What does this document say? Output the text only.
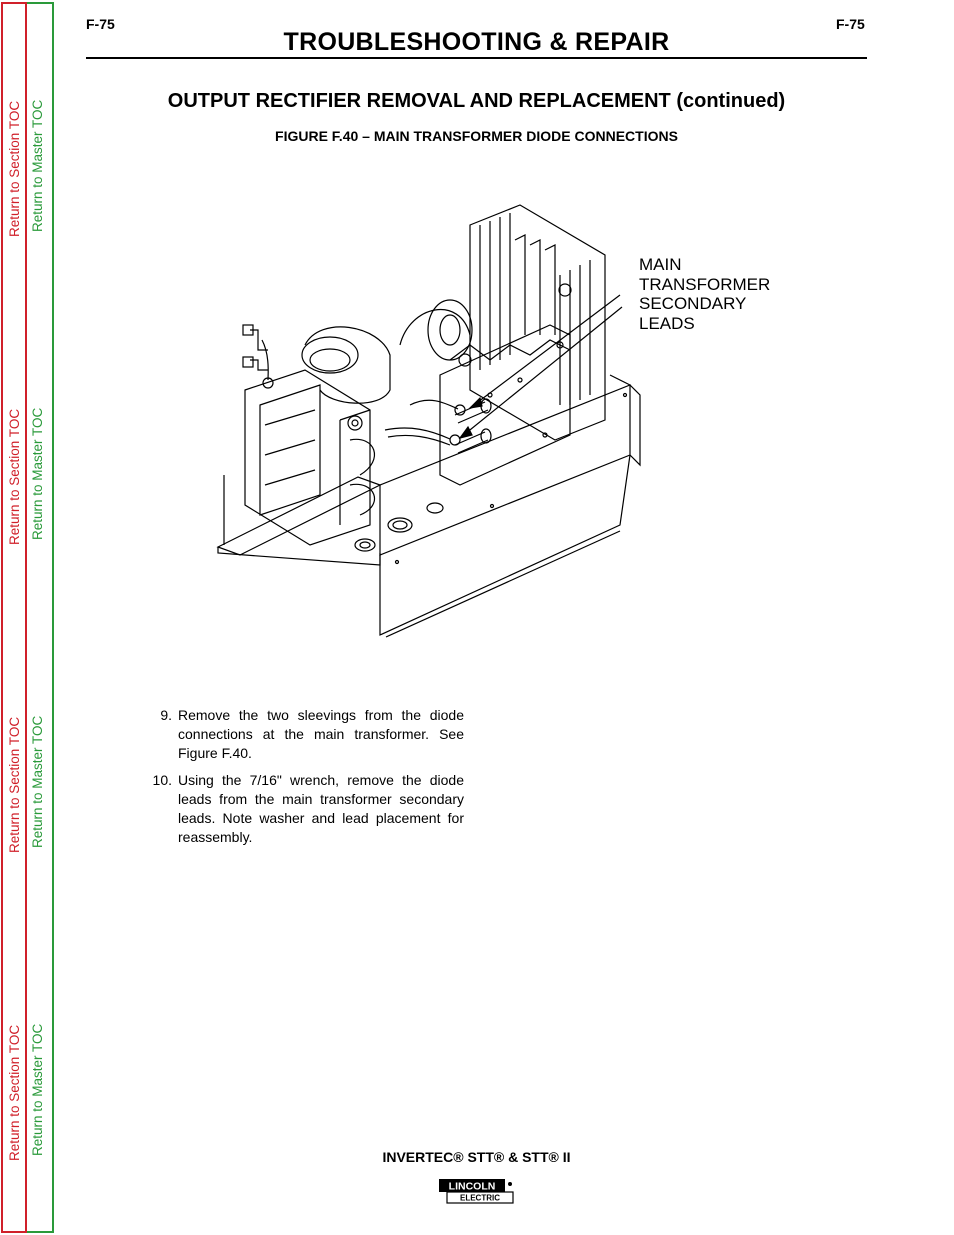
Return to Section TOC
Return to Section TOC
Return to Section TOC
Return to Section TOC
Return to Master TOC
Return to Master TOC
Return to Master TOC
Return to Master TOC
F-75	F-75
TROUBLESHOOTING & REPAIR
OUTPUT RECTIFIER REMOVAL AND REPLACEMENT (continued)
FIGURE F.40 – MAIN TRANSFORMER DIODE CONNECTIONS
MAIN
TRANSFORMER
SECONDARY
LEADS
9. Remove the two sleevings from the diode connections at the main transformer. See Figure F.40.
10. Using the 7/16" wrench, remove the diode leads from the main transformer secondary leads. Note washer and lead placement for reassembly.
INVERTEC® STT® & STT® II
LINCOLN
ELECTRIC
